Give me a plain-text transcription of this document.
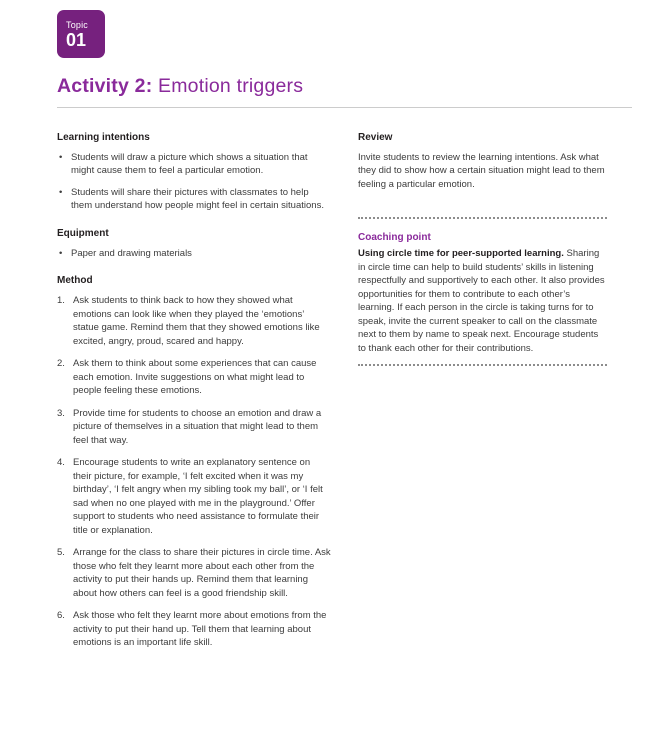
Topic
01
Activity 2: Emotion triggers
Learning intentions
• Students will draw a picture which shows a situation that might cause them to feel a particular emotion.
• Students will share their pictures with classmates to help them understand how people might feel in certain situations.
Equipment
• Paper and drawing materials
Method
Ask students to think back to how they showed what emotions can look like when they played the ‘emotions’ statue game. Remind them that they showed emotions like excited, angry, proud, scared and happy.
Ask them to think about some experiences that can cause each emotion. Invite suggestions on what might lead to people feeling these emotions.
Provide time for students to choose an emotion and draw a picture of themselves in a situation that might lead to them feel that way.
Encourage students to write an explanatory sentence on their picture, for example, ‘I felt excited when it was my birthday’, ‘I felt angry when my sibling took my ball’, or ‘I felt sad when no one played with me in the playground.’ Offer support to students who need assistance to formulate their title or explanation.
Arrange for the class to share their pictures in circle time. Ask those who felt they learnt more about each other from the activity to put their hands up. Remind them that learning about how others can feel is a good friendship skill.
Ask those who felt they learnt more about emotions from the activity to put their hand up. Tell them that learning about emotions is an important life skill.
Review

Invite students to review the learning intentions. Ask what they did to show how a certain situation might lead to them feeling a particular emotion.

Coaching point

Using circle time for peer-supported learning. Sharing in circle time can help to build students’ skills in listening respectfully and supportively to each other. It also provides opportunities for them to contribute to each other’s learning. If each person in the circle is taking turns for to speak, invite the current speaker to call on the classmate next to them by name to speak next. Encourage students to thank each other for their contributions.
